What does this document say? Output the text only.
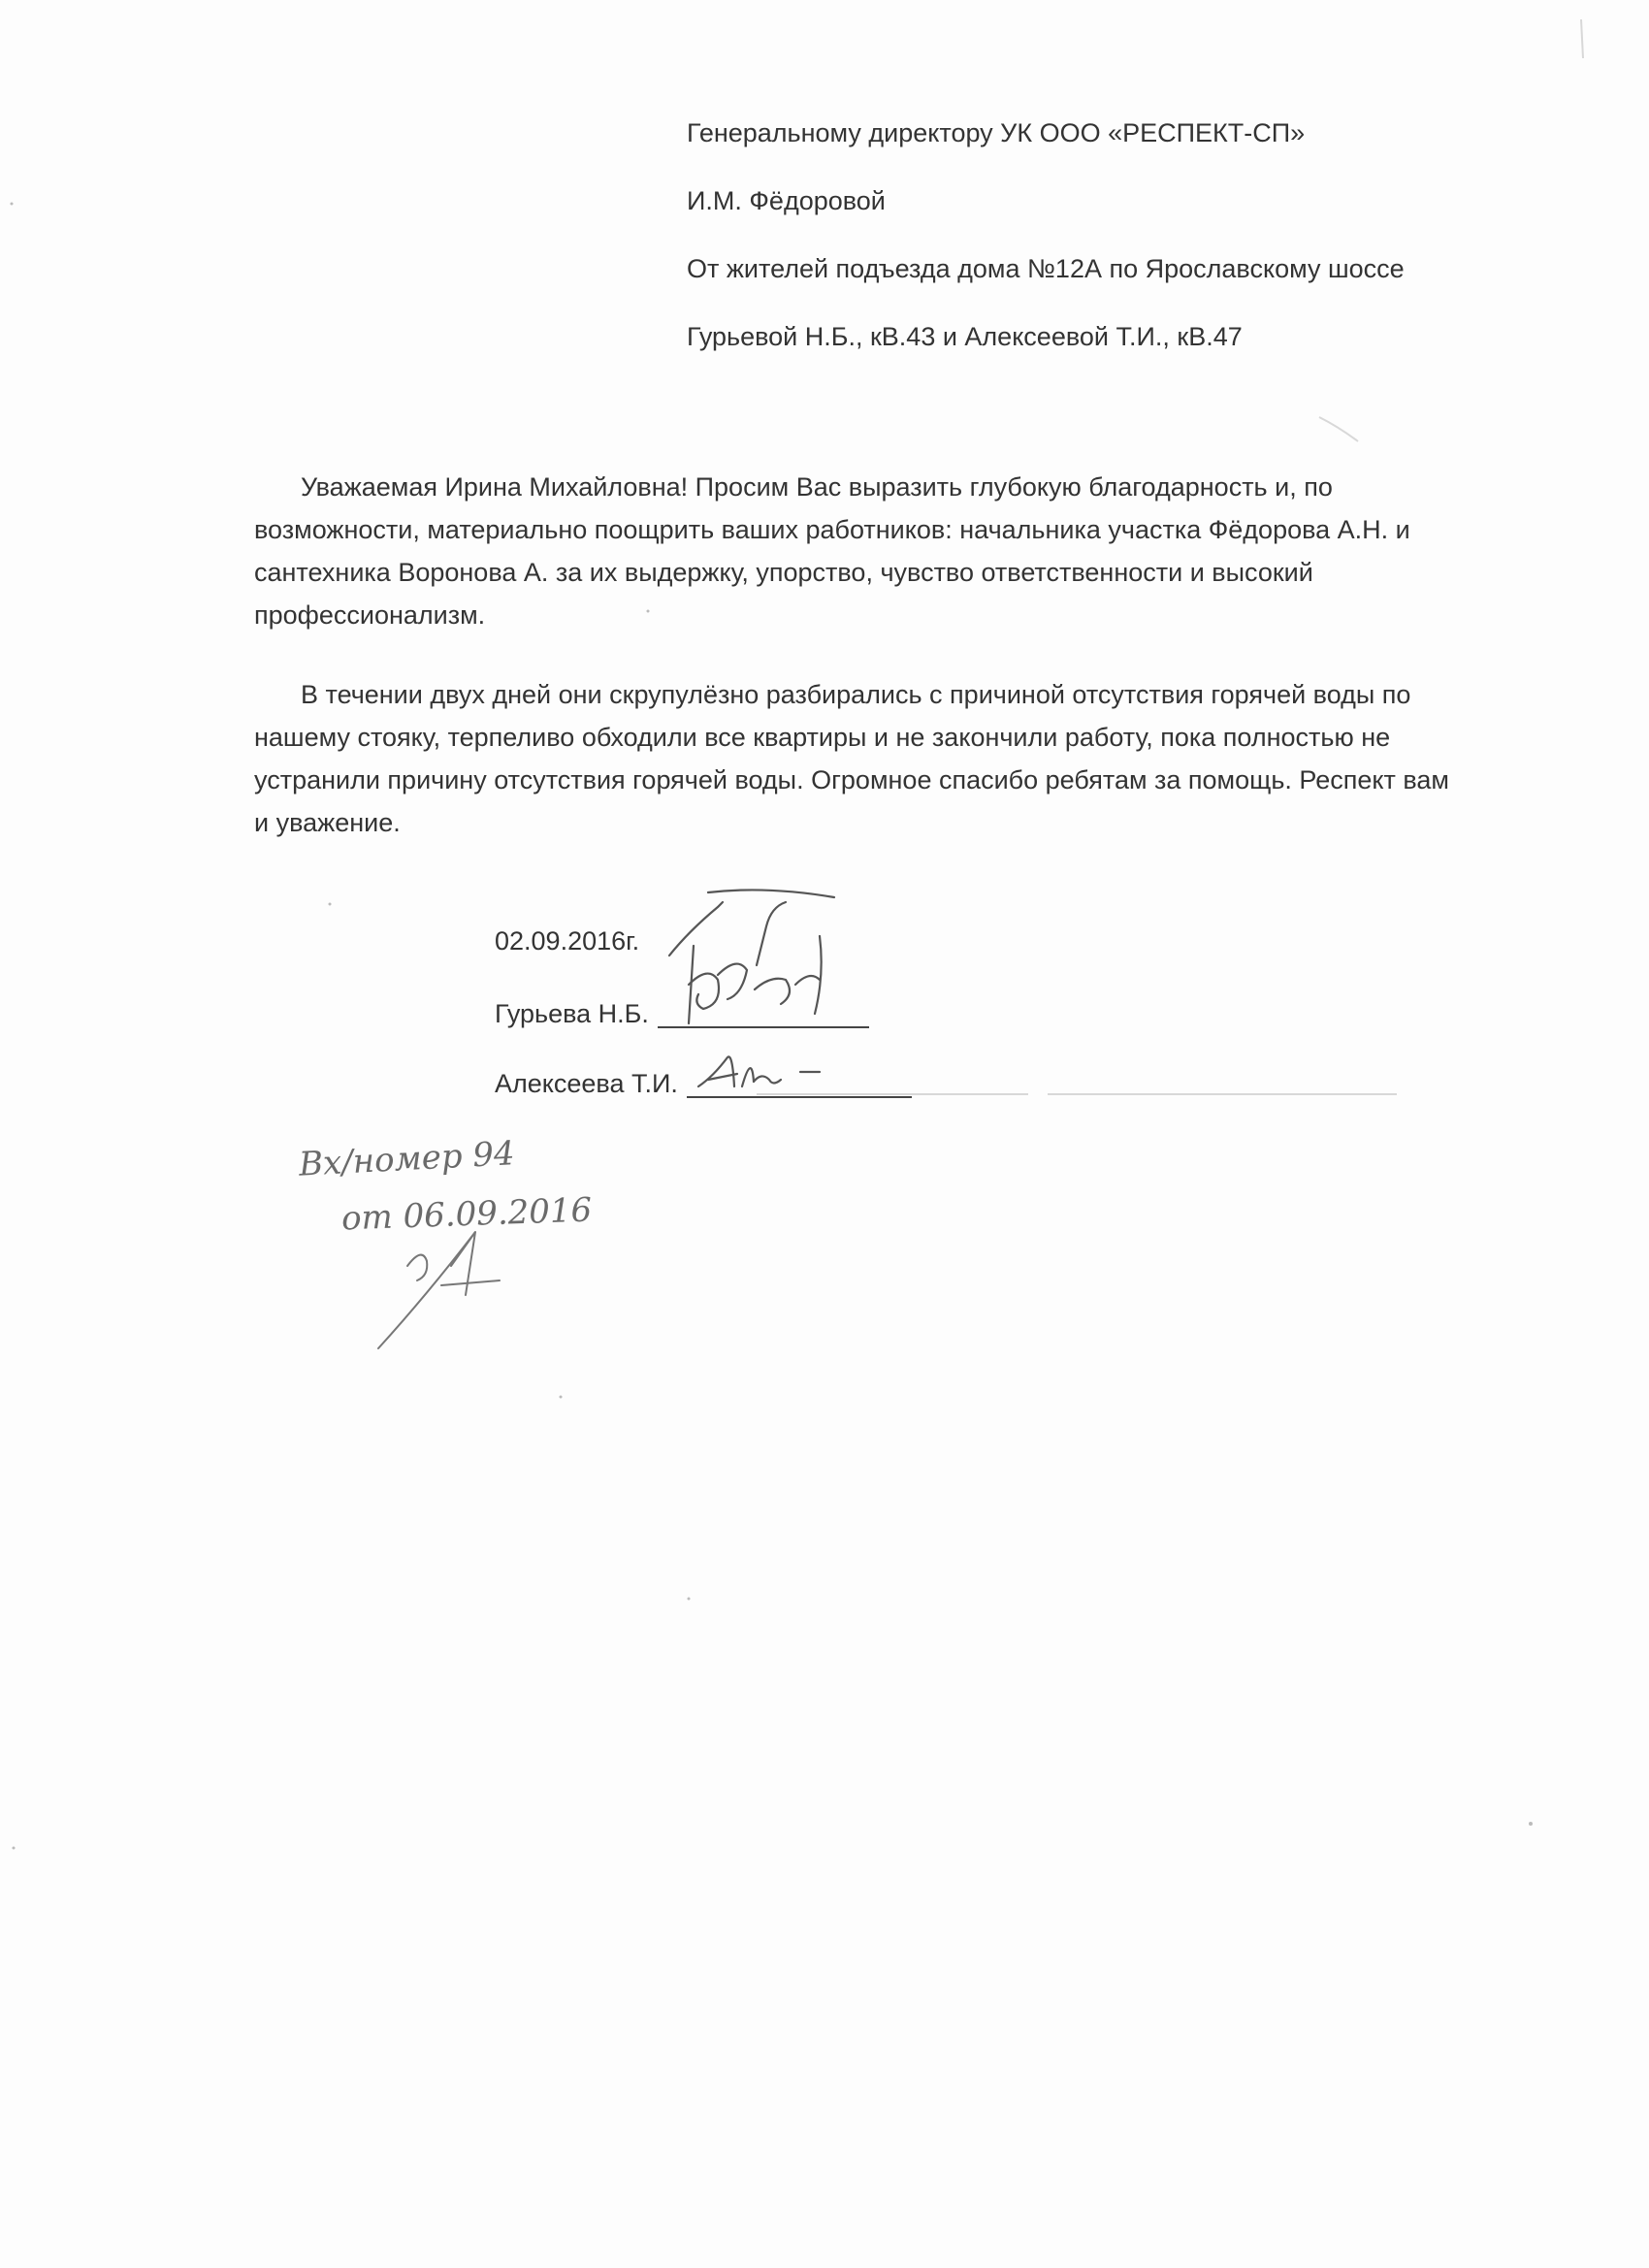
Генеральному директору УК ООО «РЕСПЕКТ-СП»
И.М. Фёдоровой
От жителей подъезда дома №12А по Ярославскому шоссе
Гурьевой Н.Б., кВ.43 и Алексеевой Т.И., кВ.47

Уважаемая Ирина Михайловна! Просим Вас выразить глубокую благодарность и, по возможности, материально поощрить ваших работников: начальника участка Фёдорова А.Н. и сантехника Воронова А. за их выдержку, упорство, чувство ответственности и высокий профессионализм.

В течении двух дней они скрупулёзно разбирались с причиной отсутствия горячей воды по нашему стояку, терпеливо обходили все квартиры и не закончили работу, пока полностью не устранили причину отсутствия горячей воды. Огромное спасибо ребятам за помощь. Респект вам и уважение.

02.09.2016г.
Гурьева Н.Б.
Алексеева Т.И.
Вх/номер 94
от 06.09.2016
